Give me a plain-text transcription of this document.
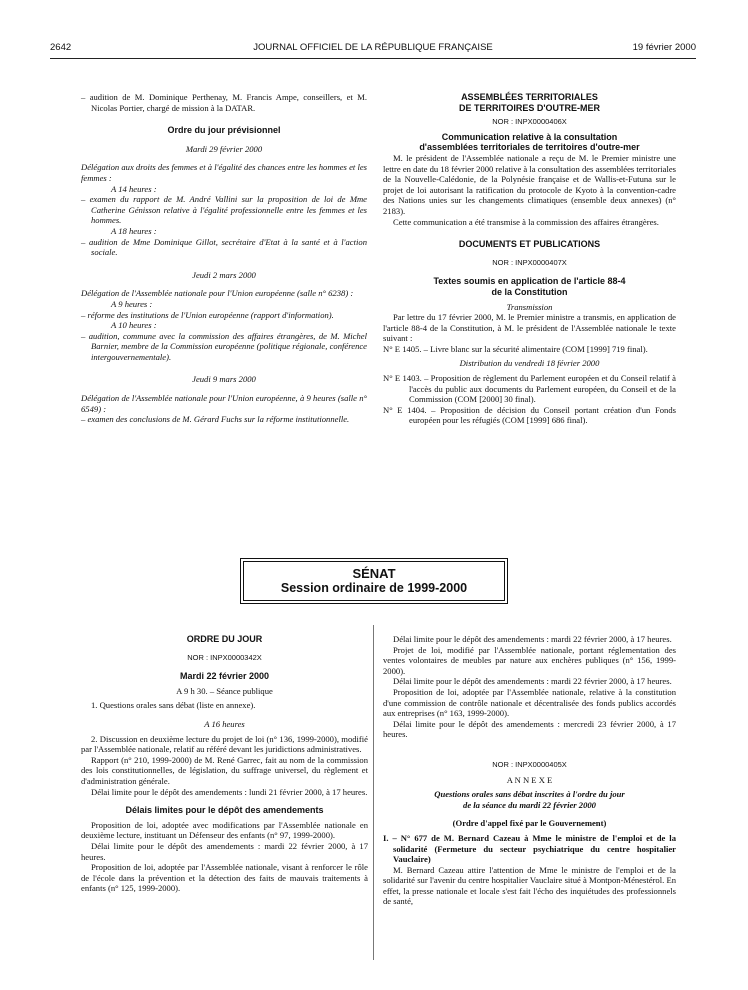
2642	JOURNAL OFFICIEL DE LA RÉPUBLIQUE FRANÇAISE	19 février 2000

– audition de M. Dominique Perthenay, M. Francis Ampe, conseillers, et M. Nicolas Portier, chargé de mission à la DATAR.

Ordre du jour prévisionnel

Mardi 29 février 2000

Délégation aux droits des femmes et à l'égalité des chances entre les hommes et les femmes :

A 14 heures :

– examen du rapport de M. André Vallini sur la proposition de loi de Mme Catherine Génisson relative à l'égalité professionnelle entre les femmes et les hommes.

A 18 heures :

– audition de Mme Dominique Gillot, secrétaire d'Etat à la santé et à l'action sociale.

Jeudi 2 mars 2000

Délégation de l'Assemblée nationale pour l'Union européenne (salle n° 6238) :

A 9 heures :

– réforme des institutions de l'Union européenne (rapport d'information).

A 10 heures :

– audition, commune avec la commission des affaires étrangères, de M. Michel Barnier, membre de la Commission européenne (politique régionale, conférence intergouvernementale).

Jeudi 9 mars 2000

Délégation de l'Assemblée nationale pour l'Union européenne, à 9 heures (salle n° 6549) :

– examen des conclusions de M. Gérard Fuchs sur la réforme institutionnelle.

ASSEMBLÉES TERRITORIALES

DE TERRITOIRES D'OUTRE-MER

NOR : INPX0000406X

Communication relative à la consultation

d'assemblées territoriales de territoires d'outre-mer

M. le président de l'Assemblée nationale a reçu de M. le Premier ministre une lettre en date du 18 février 2000 relative à la consultation des assemblées territoriales de la Nouvelle-Calédonie, de la Polynésie française et de Wallis-et-Futuna sur le projet de loi autorisant la ratification du protocole de Kyoto à la convention-cadre des Nations unies sur les changements climatiques (ensemble deux annexes) (n° 2183).

Cette communication a été transmise à la commission des affaires étrangères.

DOCUMENTS ET PUBLICATIONS

NOR : INPX0000407X

Textes soumis en application de l'article 88-4

de la Constitution

Transmission

Par lettre du 17 février 2000, M. le Premier ministre a transmis, en application de l'article 88-4 de la Constitution, à M. le président de l'Assemblée nationale le texte suivant :

N° E 1405. – Livre blanc sur la sécurité alimentaire (COM [1999] 719 final).

Distribution du vendredi 18 février 2000

N° E 1403. – Proposition de règlement du Parlement européen et du Conseil relatif à l'accès du public aux documents du Parlement européen, du Conseil et de la Commission (COM [2000] 30 final).

N° E 1404. – Proposition de décision du Conseil portant création d'un Fonds européen pour les réfugiés (COM [1999] 686 final).

SÉNAT
Session ordinaire de 1999-2000

ORDRE DU JOUR

NOR : INPX0000342X

Mardi 22 février 2000

A 9 h 30. – Séance publique

1. Questions orales sans débat (liste en annexe).

A 16 heures

2. Discussion en deuxième lecture du projet de loi (n° 136, 1999-2000), modifié par l'Assemblée nationale, relatif au référé devant les juridictions administratives.

Rapport (n° 210, 1999-2000) de M. René Garrec, fait au nom de la commission des lois constitutionnelles, de législation, du suffrage universel, du règlement et d'administration générale.

Délai limite pour le dépôt des amendements : lundi 21 février 2000, à 17 heures.

Délais limites pour le dépôt des amendements

Proposition de loi, adoptée avec modifications par l'Assemblée nationale en deuxième lecture, instituant un Défenseur des enfants (n° 97, 1999-2000).

Délai limite pour le dépôt des amendements : mardi 22 février 2000, à 17 heures.

Proposition de loi, adoptée par l'Assemblée nationale, visant à renforcer le rôle de l'école dans la prévention et la détection des faits de mauvais traitements à enfants (n° 125, 1999-2000).

Délai limite pour le dépôt des amendements : mardi 22 février 2000, à 17 heures.

Projet de loi, modifié par l'Assemblée nationale, portant réglementation des ventes volontaires de meubles par nature aux enchères publiques (n° 156, 1999-2000).

Délai limite pour le dépôt des amendements : mardi 22 février 2000, à 17 heures.

Proposition de loi, adoptée par l'Assemblée nationale, relative à la constitution d'une commission de contrôle nationale et décentralisée des fonds publics accordés aux entreprises (n° 163, 1999-2000).

Délai limite pour le dépôt des amendements : mercredi 23 février 2000, à 17 heures.

NOR : INPX0000405X

A N N E X E

Questions orales sans débat inscrites à l'ordre du jour

de la séance du mardi 22 février 2000

(Ordre d'appel fixé par le Gouvernement)

I. – N° 677 de M. Bernard Cazeau à Mme le ministre de l'emploi et de la solidarité (Fermeture du secteur psychiatrique du centre hospitalier Vauclaire)

M. Bernard Cazeau attire l'attention de Mme le ministre de l'emploi et de la solidarité sur l'avenir du centre hospitalier Vauclaire situé à Montpon-Ménestérol. En effet, la presse nationale et locale s'est fait l'écho des inquiétudes des professionnels de santé,
